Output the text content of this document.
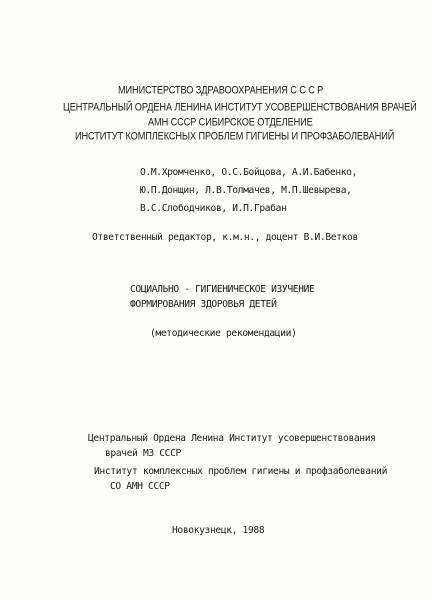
МИНИСТЕРСТВО ЗДРАВООХРАНЕНИЯ С С С Р
ЦЕНТРАЛЬНЫЙ ОРДЕНА ЛЕНИНА ИНСТИТУТ УСОВЕРШЕНСТВОВАНИЯ ВРАЧЕЙ
АМН СССР СИБИРСКОЕ ОТДЕЛЕНИЕ
ИНСТИТУТ КОМПЛЕКСНЫХ ПРОБЛЕМ ГИГИЕНЫ И ПРОФЗАБОЛЕВАНИЙ
О.М.Хромченко, О.С.Бойцова, А.И.Бабенко,
Ю.П.Донщин, Л.В.Толмачев, М.П.Шевырева,
В.С.Слободчиков, И.П.Грабан
Ответственный редактор, к.м.н., доцент В.И.Ветков
СОЦИАЛЬНО - ГИГИЕНИЧЕСКОЕ ИЗУЧЕНИЕ
ФОРМИРОВАНИЯ ЗДОРОВЬЯ ДЕТЕЙ
(методические рекомендации)
Центральный Ордена Ленина Институт усовершенствования
врачей МЗ СССР
Институт комплексных проблем гигиены и профзаболеваний
СО АМН СССР
Новокузнецк, 1988
